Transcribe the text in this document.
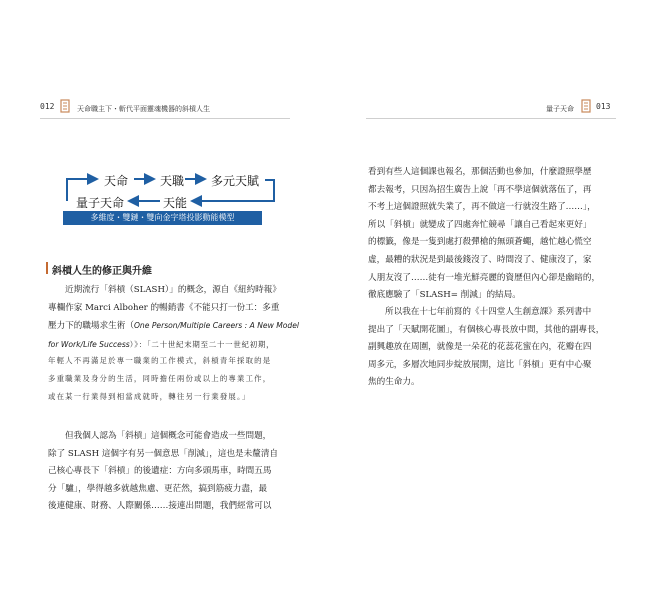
012	天命職主下・斬代平面靈魂機器的斜槓人生
天命	天職 多元天賦
量子天命	天能
多維度・雙鏈・雙向金字塔投影動能模型
斜槓人生的修正與升維

近期流行「斜槓（SLASH）」的概念，源自《紐約時報》

專欄作家 Marci Alboher 的暢銷書《不能只打一份工：多重

壓力下的職場求生術（One Person/Multiple Careers : A New Model

for Work/Life Success）》：「二十世紀末期至二十一世紀初期，

年輕人不再滿足於專一職業的工作模式，斜槓青年採取的是

多重職業及身分的生活，同時擔任兩份或以上的專業工作，

或在某一行業得到相當成就時，轉往另一行業發展。」

但我個人認為「斜槓」這個概念可能會造成一些問題，

除了 SLASH 這個字有另一個意思「削減」，這也是未釐清自

己核心專長下「斜槓」的後遺症：方向多頭馬車，時間五馬

分「驢」，學得越多就越焦慮、更茫然，搞到筋疲力盡，最

後連健康、財務、人際關係……接連出問題，我們經常可以

量子天命	013

看到有些人這個課也報名，那個活動也參加，什麼證照學歷

都去報考，只因為招生廣告上說「再不學這個就落伍了，再

不考上這個證照就失業了，再不做這一行就沒生路了……」，

所以「斜槓」就變成了四處奔忙競尋「讓自己看起來更好」

的標籤，像是一隻到處打殺彈槍的無頭蒼蠅，越忙越心慌空

虛，最糟的狀況是到最後錢沒了、時間沒了、健康沒了，家

人朋友沒了……徒有一堆光鮮亮麗的資歷但內心卻是幽暗的，

徹底應驗了「SLASH= 削減」的結局。

所以我在十七年前寫的《十四堂人生創意課》系列書中

提出了「天賦開花圖」，有個核心專長放中間，其他的副專長，

副興趣放在周圍，就像是一朵花的花蕊花蜜在內，花瓣在四

周多元，多層次地同步綻放展開，這比「斜槓」更有中心聚

焦的生命力。
